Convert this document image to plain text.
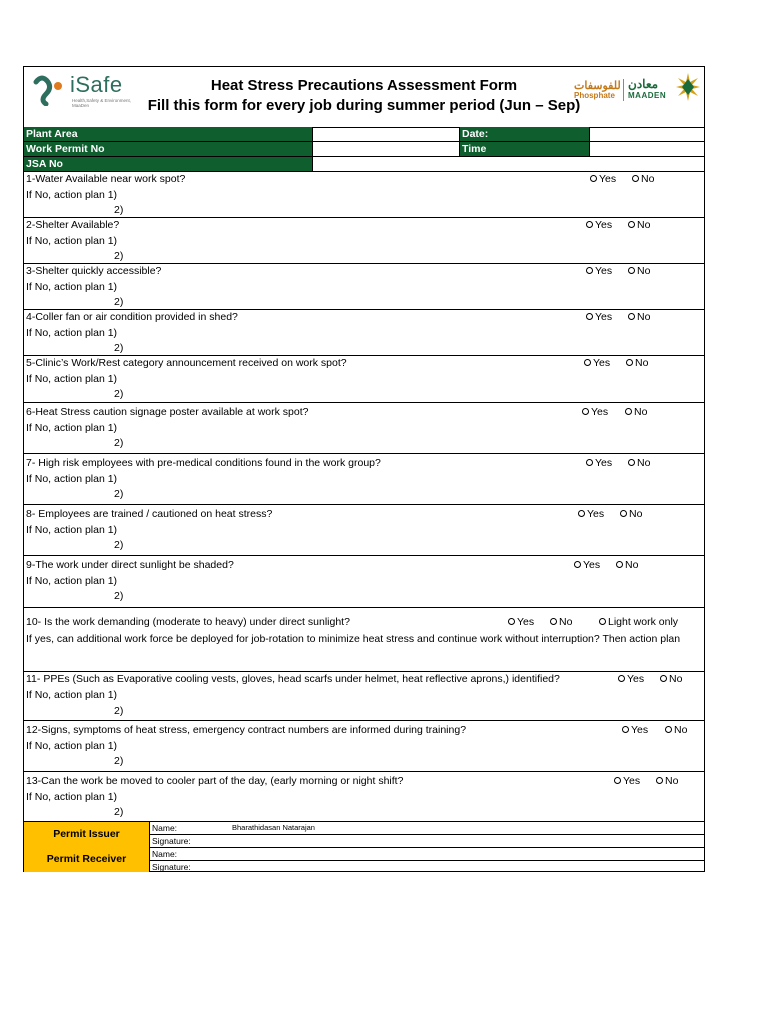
iSafe
Health,Safety & Environment, MaaDen
Heat Stress Precautions Assessment Form
Fill this form for every job during summer period (Jun – Sep)
للفوسفات
Phosphate
معادن
MAADEN
Plant Area	Date:
Work Permit No	Time
JSA No
1-Water Available near work spot?	Yes	No
If No, action plan 1)
2)
2-Shelter Available?	Yes	No
If No, action plan 1)
2)
3-Shelter quickly accessible?	Yes	No
If No, action plan 1)
2)
4-Coller fan or air condition provided in shed?	Yes	No
If No, action plan 1)
2)
5-Clinic’s Work/Rest category announcement received on work spot?	Yes	No
If No, action plan 1)
2)
6-Heat Stress caution signage poster available at work spot?	Yes	No
If No, action plan 1)
2)
7- High risk employees with pre-medical conditions found in the work group?	Yes	No
If No, action plan 1)
2)
8- Employees are trained / cautioned on heat stress?	Yes	No
If No, action plan 1)
2)
9-The work under direct sunlight be shaded?	Yes	No
If No, action plan 1)
2)
10- Is the work demanding (moderate to heavy) under direct sunlight?	Yes	No	Light work only
If yes, can additional work force be deployed for job-rotation to minimize heat stress and continue work without interruption? Then action plan
11- PPEs (Such as Evaporative cooling vests, gloves, head scarfs under helmet, heat reflective aprons,) identified?	Yes	No
If No, action plan 1)
2)
12-Signs, symptoms of heat stress, emergency contract numbers are informed during training?	Yes	No
If No, action plan 1)
2)
13-Can the work be moved to cooler part of the day, (early morning or night shift?	Yes	No
If No, action plan 1)
2)
Permit Issuer	Name:	Bharathidasan Natarajan
Signature:
Permit Receiver	Name:
Signature:
